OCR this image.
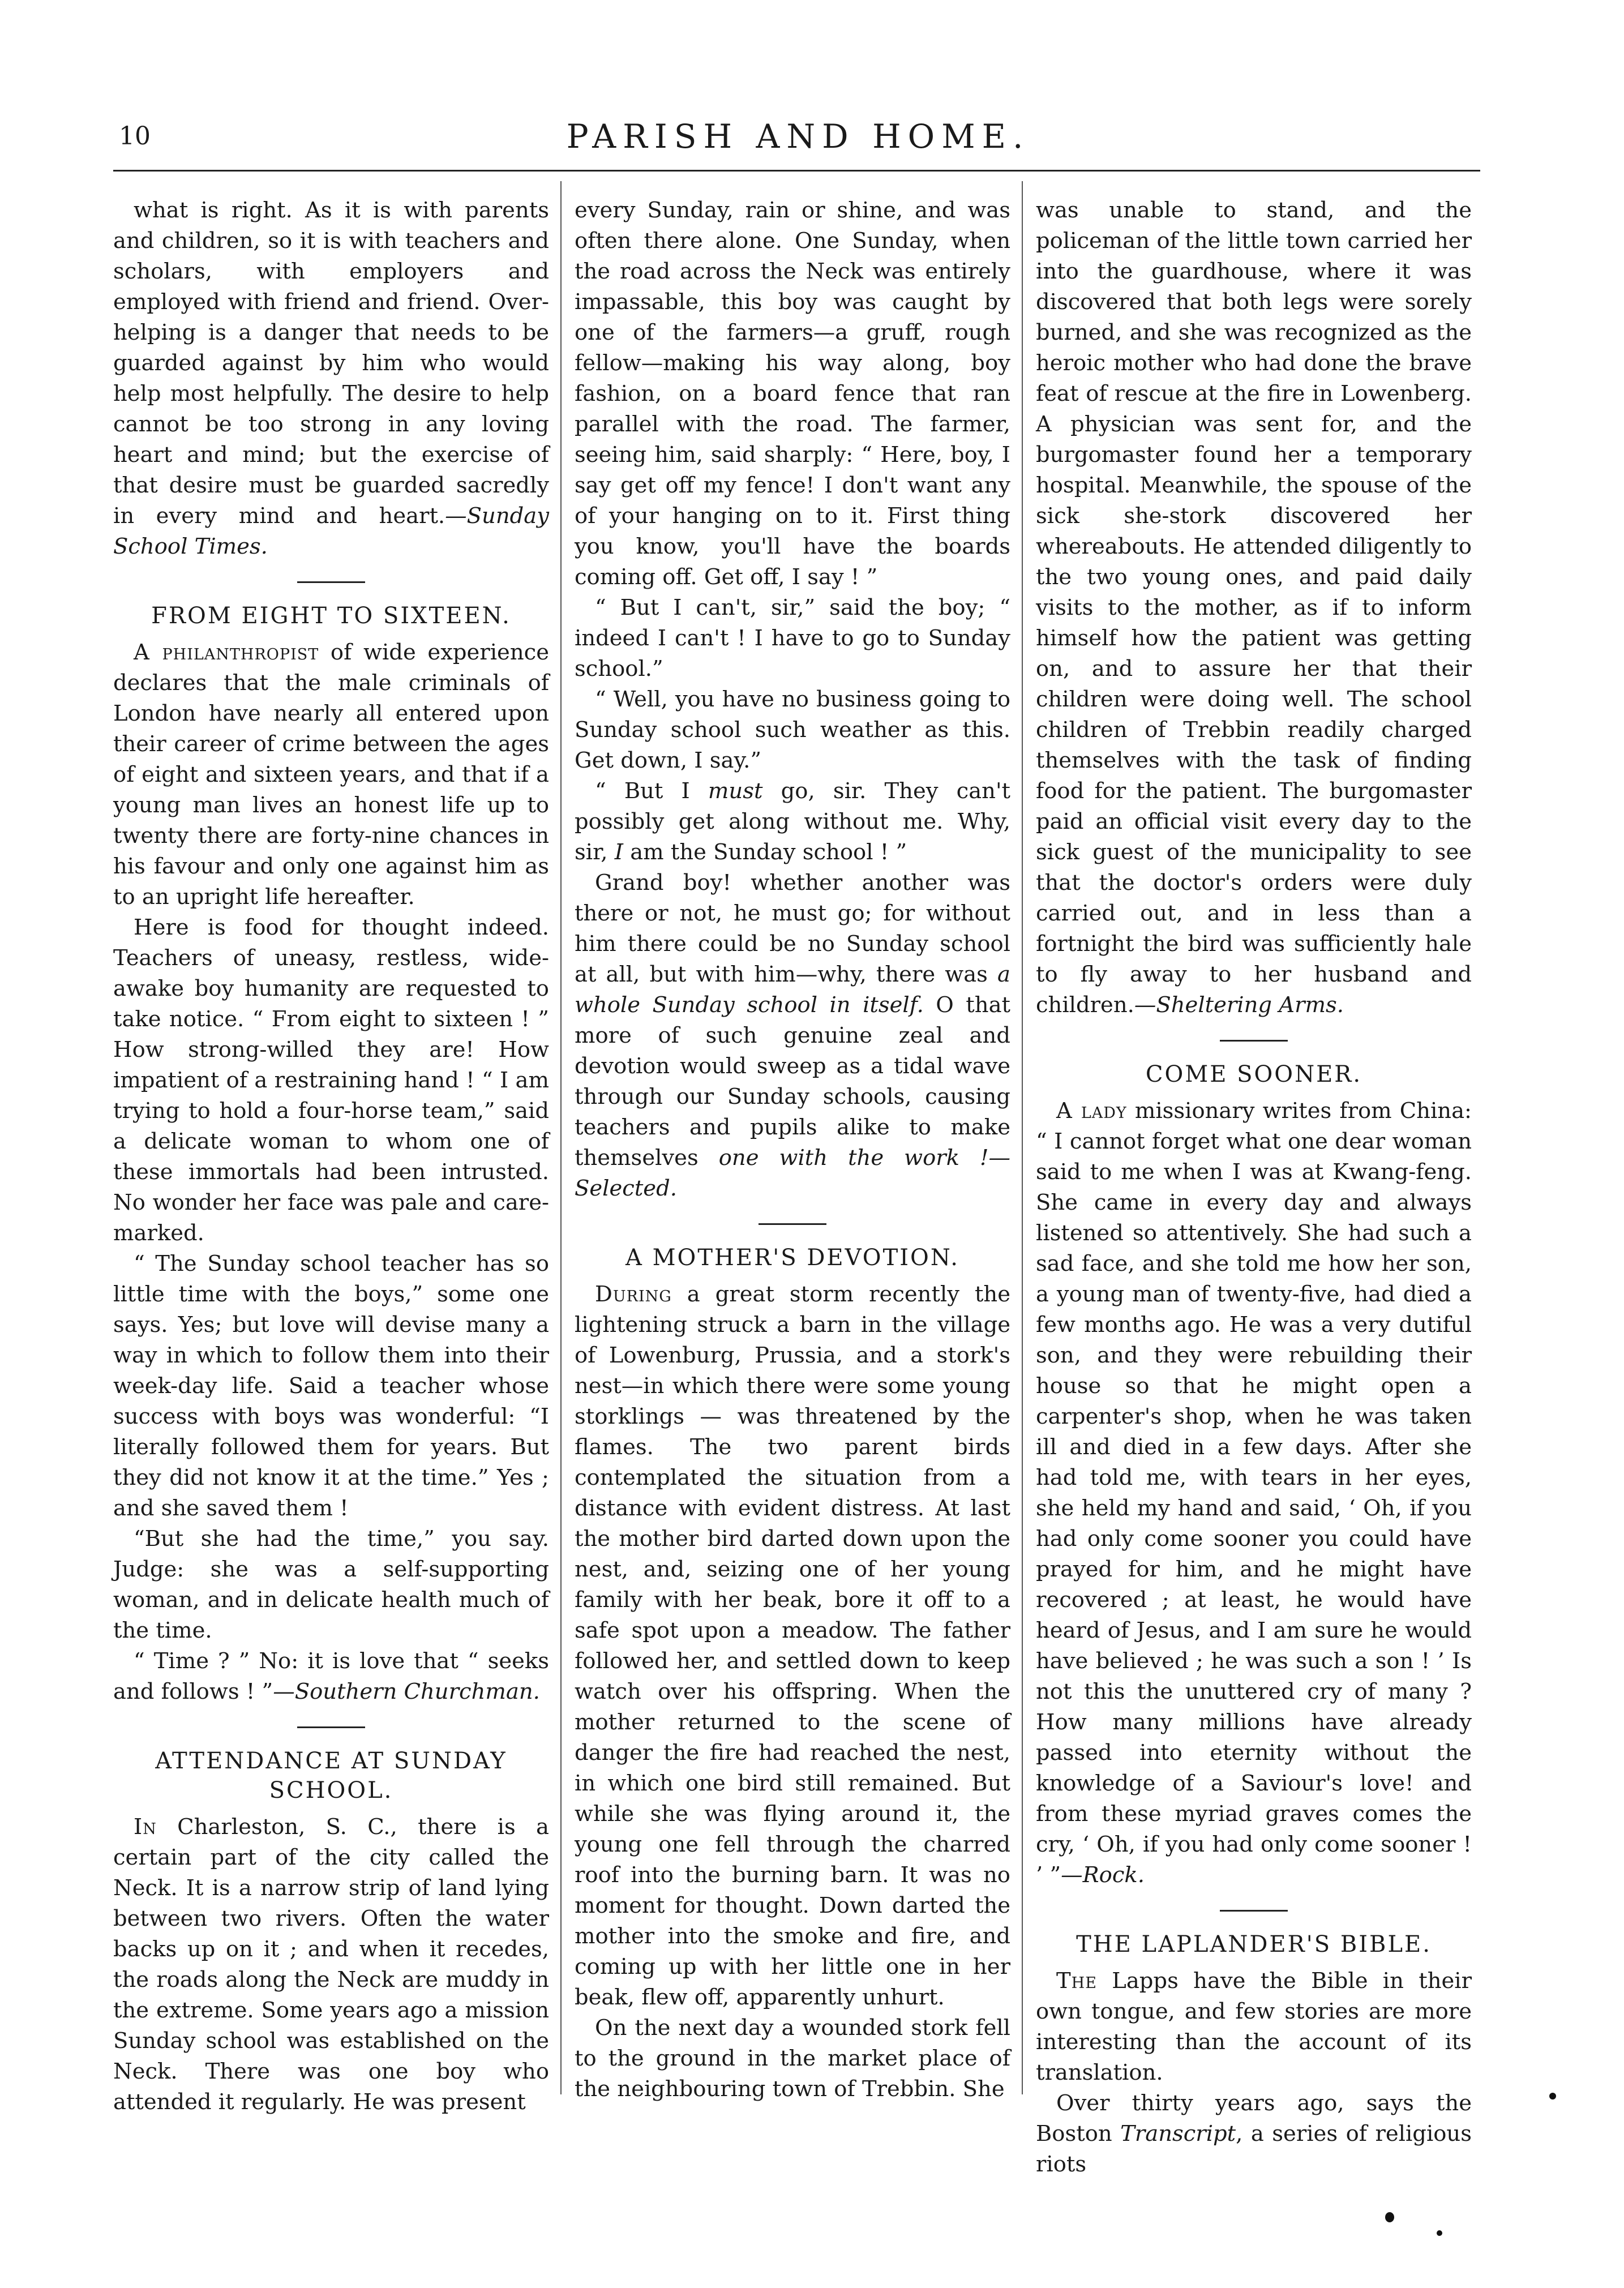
10	PARISH AND HOME.

what is right. As it is with parents and children, so it is with teachers and scholars, with employers and employed with friend and friend. Over-helping is a danger that needs to be guarded against by him who would help most helpfully. The desire to help cannot be too strong in any loving heart and mind; but the exercise of that desire must be guarded sacredly in every mind and heart.—Sunday School Times.

FROM EIGHT TO SIXTEEN.

A philanthropist of wide experience declares that the male criminals of London have nearly all entered upon their career of crime between the ages of eight and sixteen years, and that if a young man lives an honest life up to twenty there are forty-nine chances in his favour and only one against him as to an upright life hereafter.

Here is food for thought indeed. Teachers of uneasy, restless, wide-awake boy humanity are requested to take notice. “ From eight to sixteen ! ” How strong-willed they are! How impatient of a restraining hand ! “ I am trying to hold a four-horse team,” said a delicate woman to whom one of these immortals had been intrusted. No wonder her face was pale and care-marked.

“ The Sunday school teacher has so little time with the boys,” some one says. Yes; but love will devise many a way in which to follow them into their week-day life. Said a teacher whose success with boys was wonderful: “I literally followed them for years. But they did not know it at the time.” Yes ; and she saved them !

“But she had the time,” you say. Judge: she was a self-supporting woman, and in delicate health much of the time.

“ Time ? ” No: it is love that “ seeks and follows ! ”—Southern Churchman.

ATTENDANCE AT SUNDAY SCHOOL.

In Charleston, S. C., there is a certain part of the city called the Neck. It is a narrow strip of land lying between two rivers. Often the water backs up on it ; and when it recedes, the roads along the Neck are muddy in the extreme. Some years ago a mission Sunday school was established on the Neck. There was one boy who attended it regularly. He was present

every Sunday, rain or shine, and was often there alone. One Sunday, when the road across the Neck was entirely impassable, this boy was caught by one of the farmers—a gruff, rough fellow—making his way along, boy fashion, on a board fence that ran parallel with the road. The farmer, seeing him, said sharply: “ Here, boy, I say get off my fence! I don't want any of your hanging on to it. First thing you know, you'll have the boards coming off. Get off, I say ! ”

“ But I can't, sir,” said the boy; “ indeed I can't ! I have to go to Sunday school.”

“ Well, you have no business going to Sunday school such weather as this. Get down, I say.”

“ But I must go, sir. They can't possibly get along without me. Why, sir, I am the Sunday school ! ”

Grand boy! whether another was there or not, he must go; for without him there could be no Sunday school at all, but with him—why, there was a whole Sunday school in itself. O that more of such genuine zeal and devotion would sweep as a tidal wave through our Sunday schools, causing teachers and pupils alike to make themselves one with the work !—Selected.

A MOTHER'S DEVOTION.

During a great storm recently the lightening struck a barn in the village of Lowenburg, Prussia, and a stork's nest—in which there were some young storklings — was threatened by the flames. The two parent birds contemplated the situation from a distance with evident distress. At last the mother bird darted down upon the nest, and, seizing one of her young family with her beak, bore it off to a safe spot upon a meadow. The father followed her, and settled down to keep watch over his offspring. When the mother returned to the scene of danger the fire had reached the nest, in which one bird still remained. But while she was flying around it, the young one fell through the charred roof into the burning barn. It was no moment for thought. Down darted the mother into the smoke and fire, and coming up with her little one in her beak, flew off, apparently unhurt.

On the next day a wounded stork fell to the ground in the market place of the neighbouring town of Trebbin. She

was unable to stand, and the policeman of the little town carried her into the guardhouse, where it was discovered that both legs were sorely burned, and she was recognized as the heroic mother who had done the brave feat of rescue at the fire in Lowenberg. A physician was sent for, and the burgomaster found her a temporary hospital. Meanwhile, the spouse of the sick she-stork discovered her whereabouts. He attended diligently to the two young ones, and paid daily visits to the mother, as if to inform himself how the patient was getting on, and to assure her that their children were doing well. The school children of Trebbin readily charged themselves with the task of finding food for the patient. The burgomaster paid an official visit every day to the sick guest of the municipality to see that the doctor's orders were duly carried out, and in less than a fortnight the bird was sufficiently hale to fly away to her husband and children.—Sheltering Arms.

COME SOONER.

A lady missionary writes from China: “ I cannot forget what one dear woman said to me when I was at Kwang-feng. She came in every day and always listened so attentively. She had such a sad face, and she told me how her son, a young man of twenty-five, had died a few months ago. He was a very dutiful son, and they were rebuilding their house so that he might open a carpenter's shop, when he was taken ill and died in a few days. After she had told me, with tears in her eyes, she held my hand and said, ‘ Oh, if you had only come sooner you could have prayed for him, and he might have recovered ; at least, he would have heard of Jesus, and I am sure he would have believed ; he was such a son ! ’ Is not this the unuttered cry of many ? How many millions have already passed into eternity without the knowledge of a Saviour's love! and from these myriad graves comes the cry, ‘ Oh, if you had only come sooner ! ’ ”—Rock.

THE LAPLANDER'S BIBLE.

The Lapps have the Bible in their own tongue, and few stories are more interesting than the account of its translation.

Over thirty years ago, says the Boston Transcript, a series of religious riots
